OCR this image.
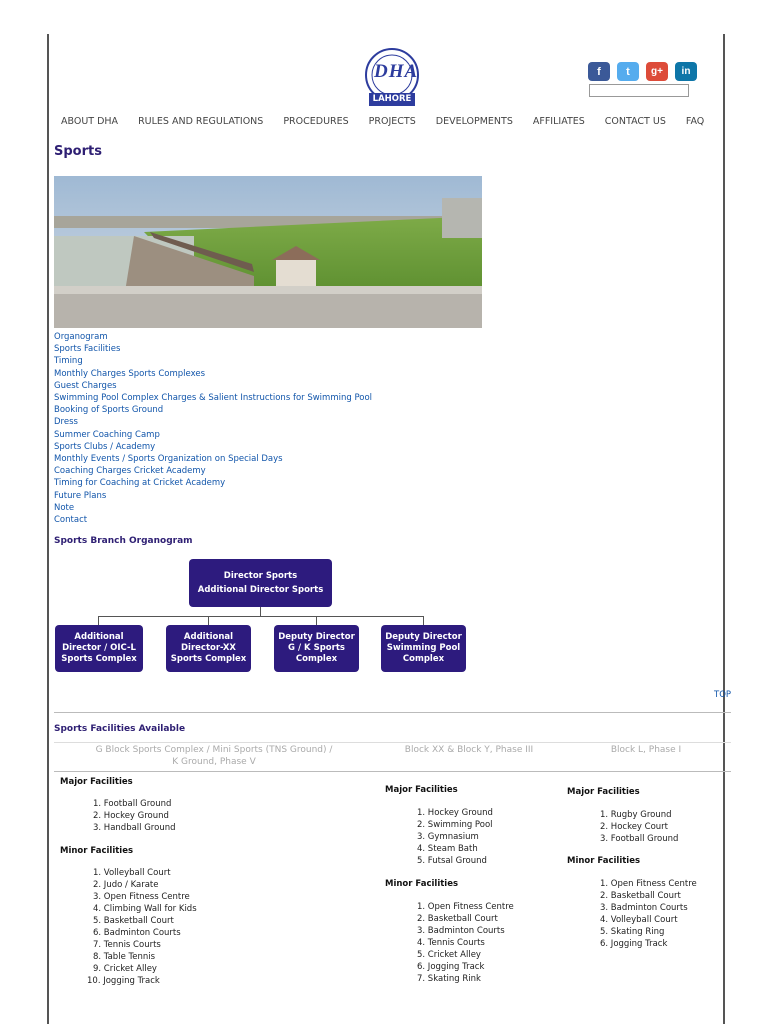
DHA
LAHORE
f	t	g+	in
ABOUT DHA RULES AND REGULATIONS PROCEDURES PROJECTS DEVELOPMENTS AFFILIATES CONTACT US FAQ
Sports
Organogram
Sports Facilities
Timing
Monthly Charges Sports Complexes
Guest Charges
Swimming Pool Complex Charges & Salient Instructions for Swimming Pool
Booking of Sports Ground
Dress
Summer Coaching Camp
Sports Clubs / Academy
Monthly Events / Sports Organization on Special Days
Coaching Charges Cricket Academy
Timing for Coaching at Cricket Academy
Future Plans
Note
Contact
Sports Branch Organogram
Director Sports
Additional Director Sports
Additional
Director / OIC-L
Sports Complex
Additional
Director-XX
Sports Complex
Deputy Director
G / K Sports
Complex
Deputy Director
Swimming Pool
Complex
TOP
Sports Facilities Available
G Block Sports Complex / Mini Sports (TNS Ground) /
K Ground, Phase V
Block XX & Block Y, Phase III	Block L, Phase I
Major Facilities
1. Football Ground
2. Hockey Ground
3. Handball Ground
Minor Facilities
1. Volleyball Court
2. Judo / Karate
3. Open Fitness Centre
4. Climbing Wall for Kids
5. Basketball Court
6. Badminton Courts
7. Tennis Courts
8. Table Tennis
9. Cricket Alley
10. Jogging Track
Major Facilities
1. Hockey Ground
2. Swimming Pool
3. Gymnasium
4. Steam Bath
5. Futsal Ground
Minor Facilities
1. Open Fitness Centre
2. Basketball Court
3. Badminton Courts
4. Tennis Courts
5. Cricket Alley
6. Jogging Track
7. Skating Rink
Major Facilities
1. Rugby Ground
2. Hockey Court
3. Football Ground
Minor Facilities
1. Open Fitness Centre
2. Basketball Court
3. Badminton Courts
4. Volleyball Court
5. Skating Ring
6. Jogging Track
